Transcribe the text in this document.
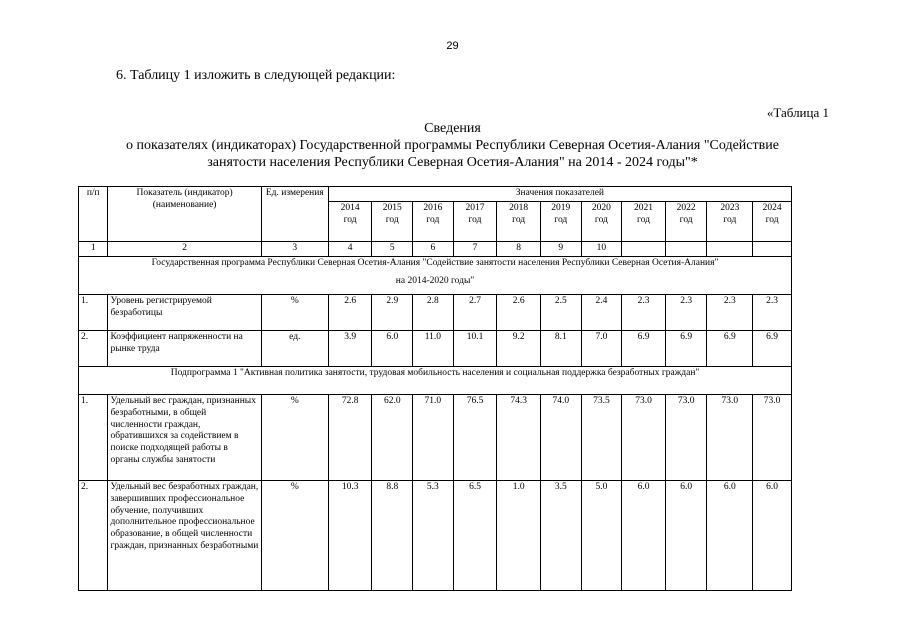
29
6. Таблицу 1 изложить в следующей редакции:
«Таблица 1
Сведения
о показателях (индикаторах) Государственной программы Республики Северная Осетия-Алания "Содействие
занятости населения Республики Северная Осетия-Алания" на 2014 - 2024 годы"*
п/п	Показатель (индикатор) (наименование)	Ед. измерения	Значения показателей										
			2014 год	2015 год	2016 год	2017 год	2018 год	2019 год	2020 год	2021 год	2022 год	2023 год	2024 год
1	2	3	4	5	6	7	8	9	10				

Государственная программа Республики Северная Осетия-Алания "Содействие занятости населения Республики Северная Осетия-Алания"
на 2014-2020 годы"													

1.	Уровень регистрируемой безработицы	%	2.6	2.9	2.8	2.7	2.6	2.5	2.4	2.3	2.3	2.3	2.3
2.	Коэффициент напряженности на рынке труда	ед.	3.9	6.0	11.0	10.1	9.2	8.1	7.0	6.9	6.9	6.9	6.9
Подпрограмма 1 "Активная политика занятости, трудовая мобильность населения и социальная поддержка безработных граждан"													
1.	Удельный вес граждан, признанных безработными, в общей численности граждан, обратившихся за содействием в поиске подходящей работы в органы службы занятости	%	72.8	62.0	71.0	76.5	74.3	74.0	73.5	73.0	73.0	73.0	73.0
2.	Удельный вес безработных граждан, завершивших профессиональное обучение, получивших дополнительное профессиональное образование, в общей численности граждан, признанных безработными	%	10.3	8.8	5.3	6.5	1.0	3.5	5.0	6.0	6.0	6.0	6.0
